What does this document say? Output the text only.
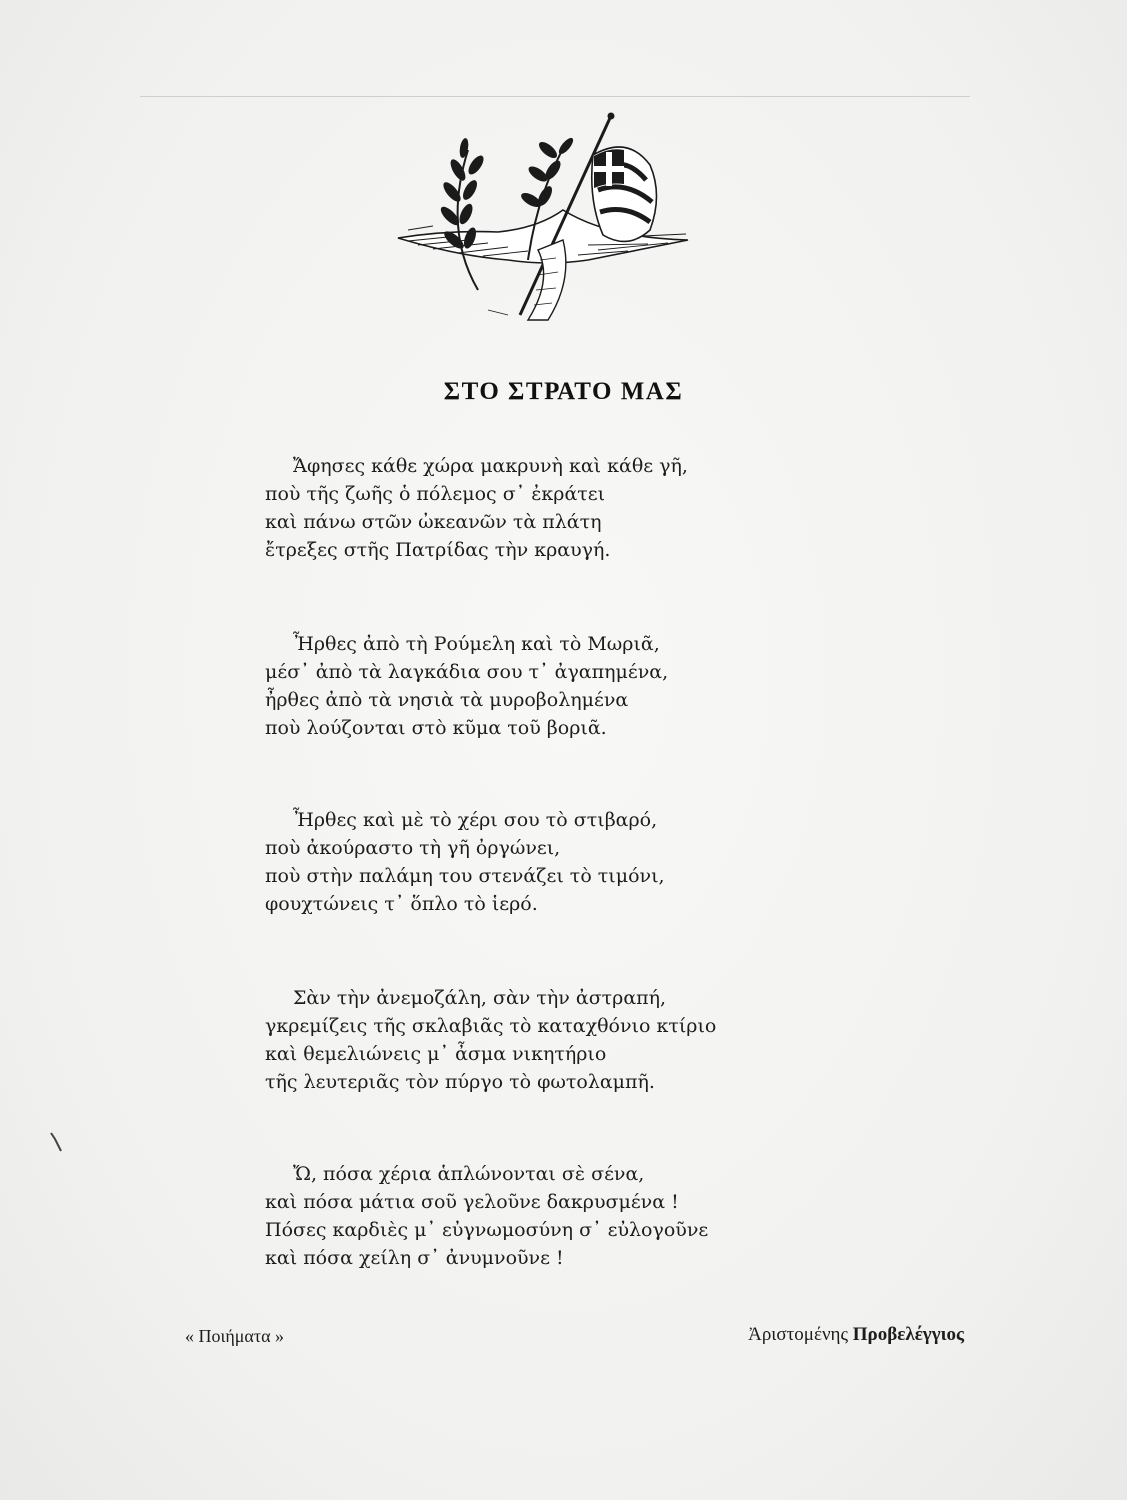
ΣΤΟ ΣΤΡΑΤΟ ΜΑΣ
Ἄφησες κάθε χώρα μακρυνὴ καὶ κάθε γῆ,
ποὺ τῆς ζωῆς ὁ πόλεμος σ᾿ ἐκράτει
καὶ πάνω στῶν ὠκεανῶν τὰ πλάτη
ἔτρεξες στῆς Πατρίδας τὴν κραυγή.
Ἦρθες ἀπὸ τὴ Ρούμελη καὶ τὸ Μωριᾶ,
μέσ᾿ ἀπὸ τὰ λαγκάδια σου τ᾿ ἀγαπημένα,
ἦρθες ἀπὸ τὰ νησιὰ τὰ μυροβολημένα
ποὺ λούζονται στὸ κῦμα τοῦ βοριᾶ.
Ἦρθες καὶ μὲ τὸ χέρι σου τὸ στιβαρό,
ποὺ ἀκούραστο τὴ γῆ ὀργώνει,
ποὺ στὴν παλάμη του στενάζει τὸ τιμόνι,
φουχτώνεις τ᾿ ὅπλο τὸ ἱερό.
Σὰν τὴν ἀνεμοζάλη, σὰν τὴν ἀστραπή,
γκρεμίζεις τῆς σκλαβιᾶς τὸ καταχθόνιο κτίριο
καὶ θεμελιώνεις μ᾿ ἆσμα νικητήριο
τῆς λευτεριᾶς τὸν πύργο τὸ φωτολαμπῆ.
Ὤ, πόσα χέρια ἁπλώνονται σὲ σένα,
καὶ πόσα μάτια σοῦ γελοῦνε δακρυσμένα !
Πόσες καρδιὲς μ᾿ εὐγνωμοσύνη σ᾿ εὐλογοῦνε
καὶ πόσα χείλη σ᾿ ἀνυμνοῦνε !
« Ποιήματα »	Ἀριστομένης Προβελέγγιος
